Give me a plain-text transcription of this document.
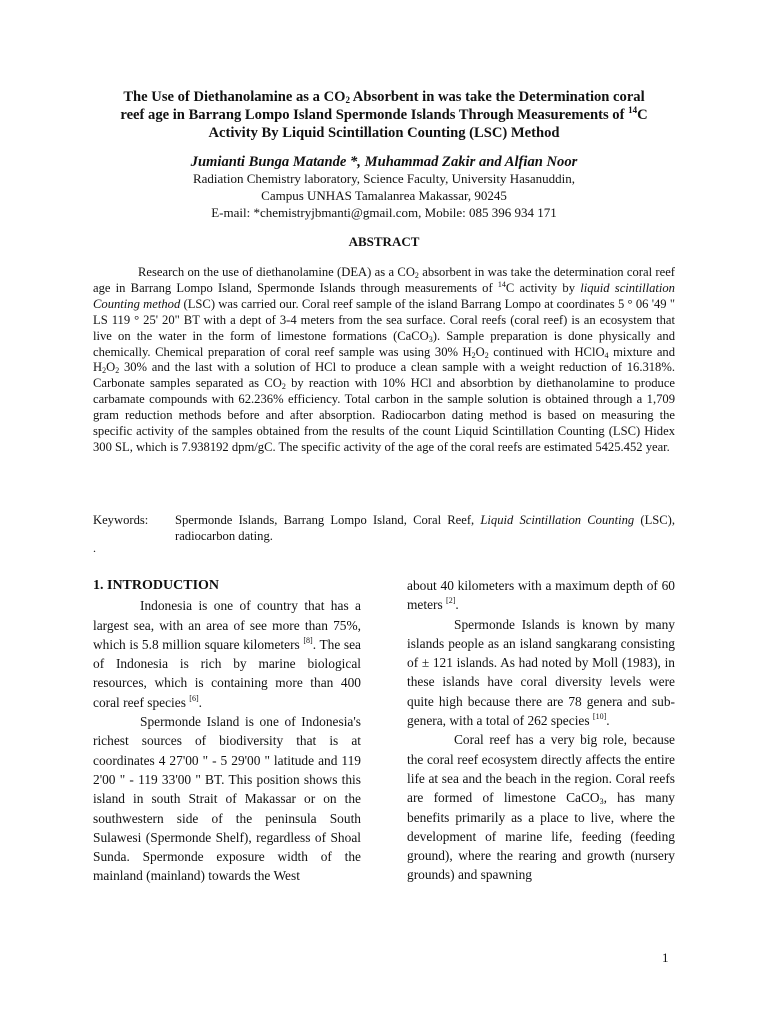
The Use of Diethanolamine as a $CO_2$ Absorbent in was take the Determination coral
reef age in Barrang Lompo Island Spermonde Islands Through Measurements of $^{14}$C
Activity By Liquid Scintillation Counting (LSC) Method
Jumianti Bunga Matande *, Muhammad Zakir and Alfian Noor
Radiation Chemistry laboratory, Science Faculty, University Hasanuddin,
Campus UNHAS Tamalanrea Makassar, 90245
E-mail: *chemistryjbmanti@gmail.com, Mobile: 085 396 934 171
ABSTRACT

Research on the use of diethanolamine (DEA) as a $CO_2$ absorbent in was take the determination coral reef age in Barrang Lompo Island, Spermonde Islands through measurements of $^{14}$C activity by liquid scintillation Counting method (LSC) was carried our. Coral reef sample of the island Barrang Lompo at coordinates 5 ° 06 '49 " LS 119 ° 25' 20" BT with a dept of 3-4 meters from the sea surface. Coral reefs (coral reef) is an ecosystem that live on the water in the form of limestone formations (CaCO$_3$). Sample preparation is done physically and chemically. Chemical preparation of coral reef sample was using 30% $H_2O_2$ continued with HClO$_4$ mixture and $H_2O_2$ 30% and the last with a solution of HCl to produce a clean sample with a weight reduction of 16.318%. Carbonate samples separated as $CO_2$ by reaction with 10% HCl and absorbtion by diethanolamine to produce carbamate compounds with 62.236% efficiency. Total carbon in the sample solution is obtained through a 1,709 gram reduction methods before and after absorption. Radiocarbon dating method is based on measuring the specific activity of the samples obtained from the results of the count Liquid Scintillation Counting (LSC) Hidex 300 SL, which is 7.938192 dpm/gC. The specific activity of the age of the coral reefs are estimated 5425.452 year.

Keywords: Spermonde Islands, Barrang Lompo Island, Coral Reef, Liquid Scintillation Counting (LSC), radiocarbon dating.
.
1. INTRODUCTION

Indonesia is one of country that has a largest sea, with an area of see more than 75%, which is 5.8 million square kilometers [8]. The sea of Indonesia is rich by marine biological resources, which is containing more than 400 coral reef species [6].

Spermonde Island is one of Indonesia's richest sources of biodiversity that is at coordinates 4 27'00 " - 5 29'00 " latitude and 119 2'00 " - 119 33'00 " BT. This position shows this island in south Strait of Makassar or on the southwestern side of the peninsula South Sulawesi (Spermonde Shelf), regardless of Shoal Sunda. Spermonde exposure width of the mainland (mainland) towards the West

about 40 kilometers with a maximum depth of 60 meters [2].

Spermonde Islands is known by many islands people as an island sangkarang consisting of ± 121 islands. As had noted by Moll (1983), in these islands have coral diversity levels were quite high because there are 78 genera and sub-genera, with a total of 262 species [10].

Coral reef has a very big role, because the coral reef ecosystem directly affects the entire life at sea and the beach in the region. Coral reefs are formed of limestone CaCO$_3$, has many benefits primarily as a place to live, where the development of marine life, feeding (feeding ground), where the rearing and growth (nursery grounds) and spawning

1
